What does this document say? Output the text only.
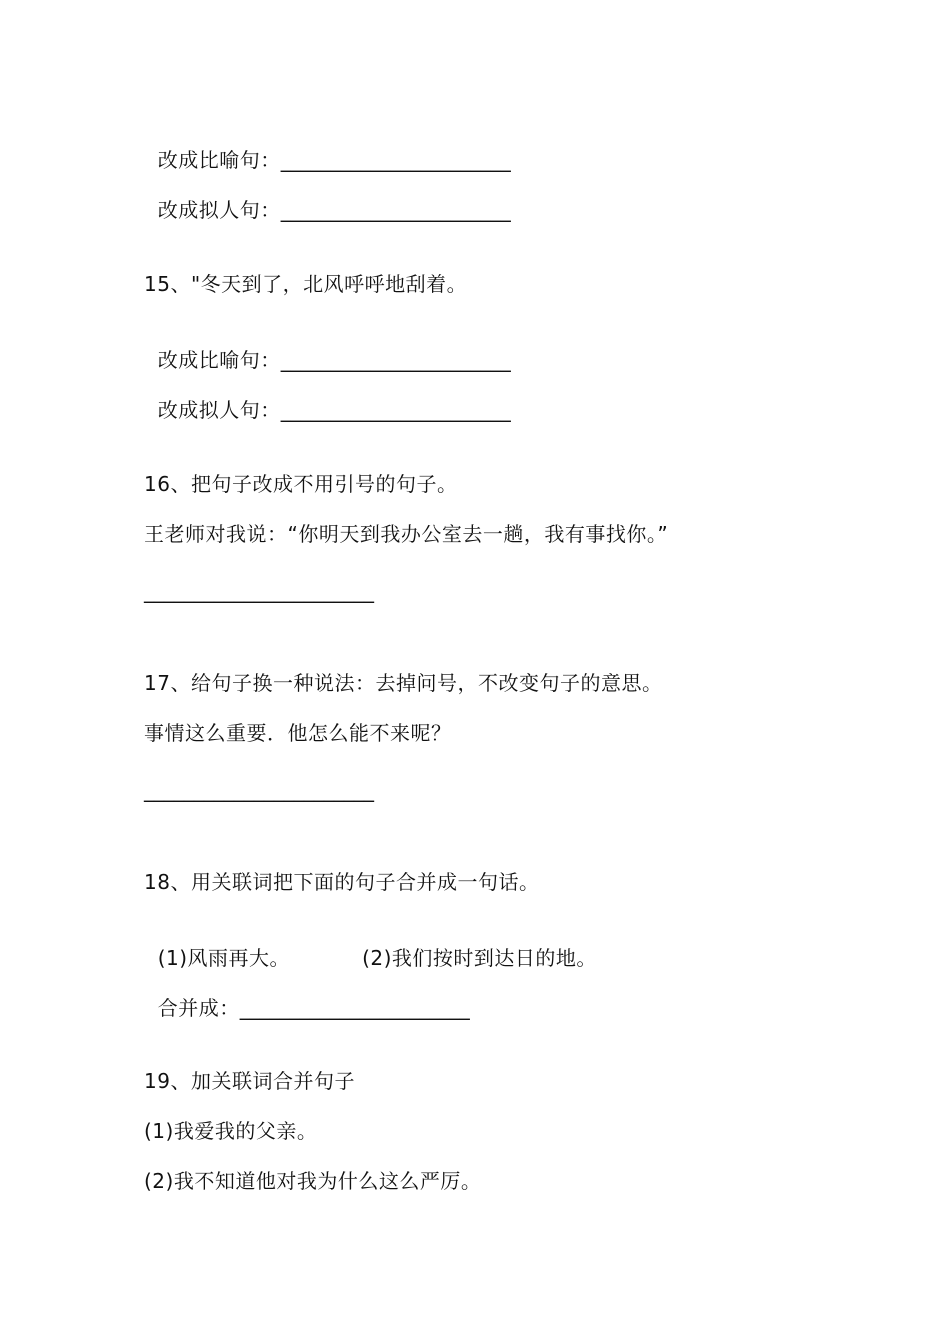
改成比喻句：_______________________

改成拟人句：_______________________

15、"冬天到了，北风呼呼地刮着。

改成比喻句：_______________________

改成拟人句：_______________________

16、把句子改成不用引号的句子。
王老师对我说：“你明天到我办公室去一趟，我有事找你。”
_______________________
17、给句子换一种说法：去掉问号，不改变句子的意思。
事情这么重要．他怎么能不来呢？
_______________________
18、用关联词把下面的句子合并成一句话。

(1)风雨再大。	(2)我们按时到达日的地。

合并成：_______________________

19、加关联词合并句子
(1)我爱我的父亲。
(2)我不知道他对我为什么这么严厉。
